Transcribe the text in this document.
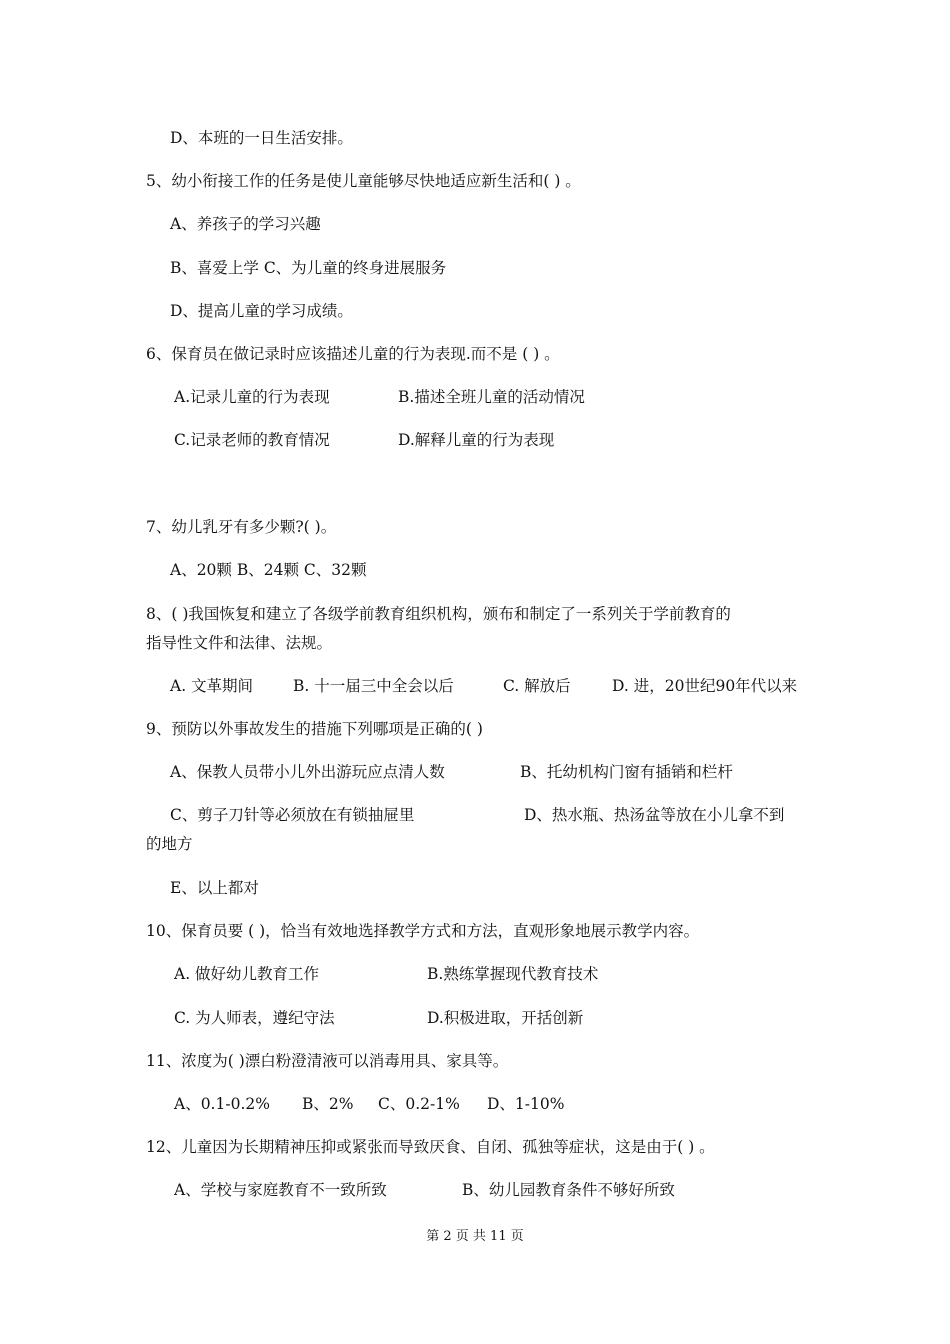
D、本班的一日生活安排。
5、幼小衔接工作的任务是使儿童能够尽快地适应新生活和( ) 。
A、养孩子的学习兴趣
B、喜爱上学 C、为儿童的终身进展服务
D、提高儿童的学习成绩。
6、保育员在做记录时应该描述儿童的行为表现.而不是 ( ) 。
A.记录儿童的行为表现	B.描述全班儿童的活动情况
C.记录老师的教育情况	D.解释儿童的行为表现
7、幼儿乳牙有多少颗?( )。
A、20颗 B、24颗 C、32颗
8、( )我国恢复和建立了各级学前教育组织机构，颁布和制定了一系列关于学前教育的
指导性文件和法律、法规。
A. 文革期间	B. 十一届三中全会以后	C. 解放后	D. 进，20世纪90年代以来
9、预防以外事故发生的措施下列哪项是正确的( )
A、保教人员带小儿外出游玩应点清人数	B、托幼机构门窗有插销和栏杆
C、剪子刀针等必须放在有锁抽屉里	D、热水瓶、热汤盆等放在小儿拿不到
的地方
E、以上都对
10、保育员要 ( )，恰当有效地选择教学方式和方法，直观形象地展示教学内容。
A. 做好幼儿教育工作	B.熟练掌握现代教育技术
C. 为人师表，遵纪守法	D.积极进取，开括创新
11、浓度为( )漂白粉澄清液可以消毒用具、家具等。
A、0.1-0.2% B、2% C、0.2-1% D、1-10%
12、儿童因为长期精神压抑或紧张而导致厌食、自闭、孤独等症状，这是由于( ) 。
A、学校与家庭教育不一致所致	B、幼儿园教育条件不够好所致
第 2 页 共 11 页
